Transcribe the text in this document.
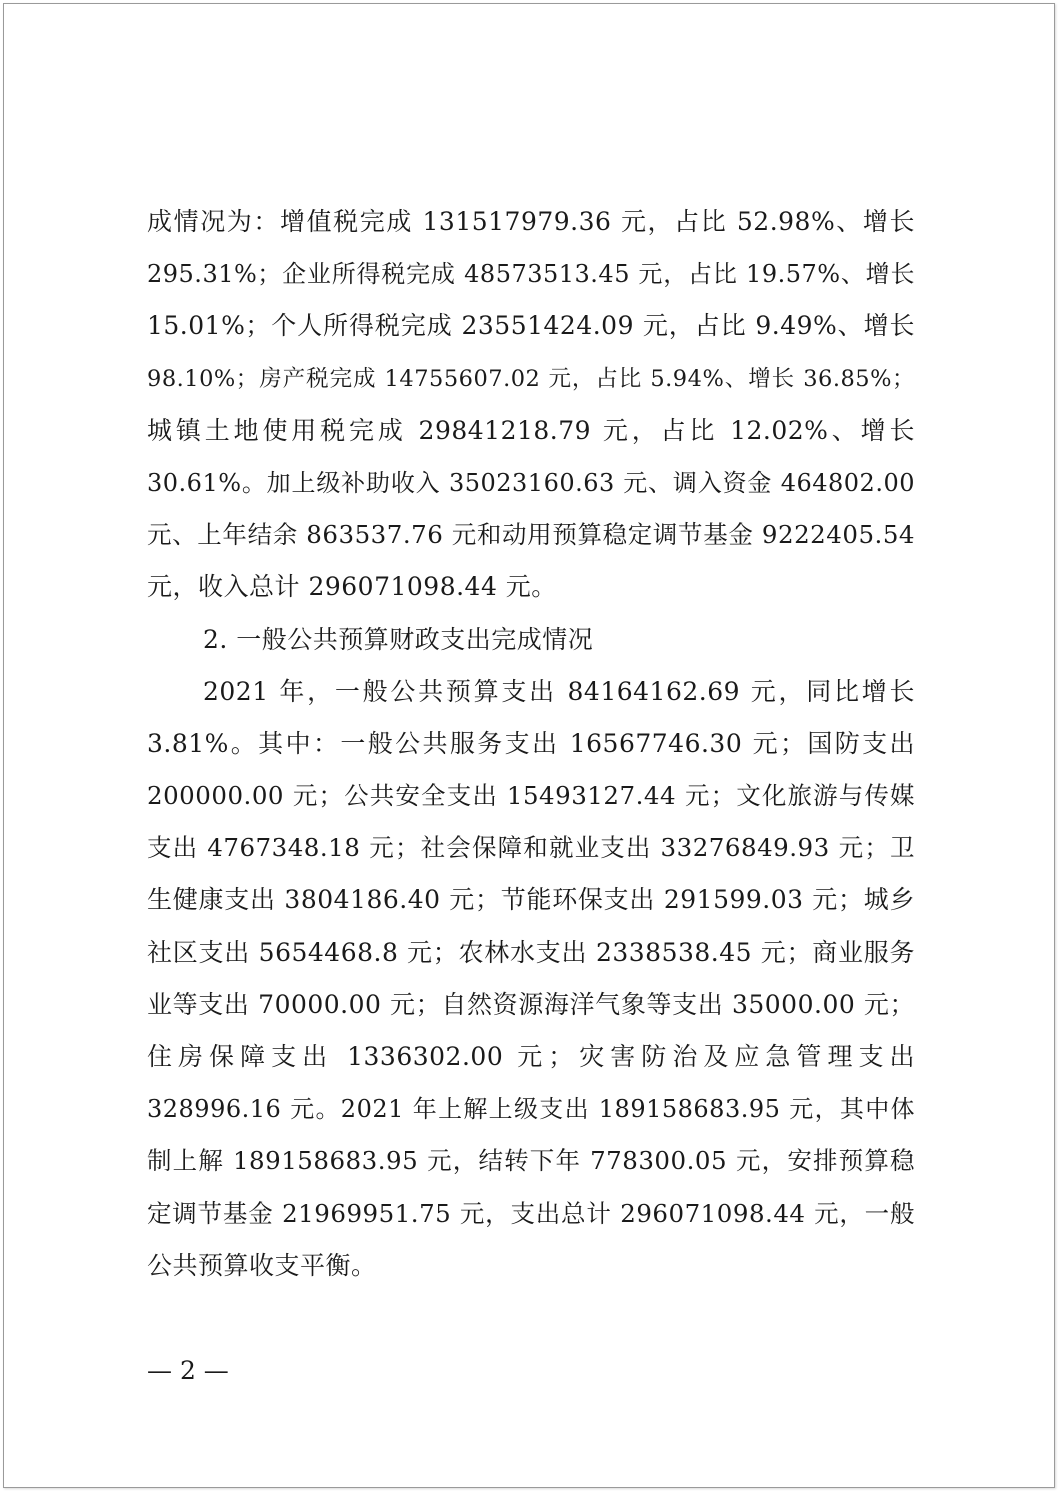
成情况为：增值税完成 131517979.36 元，占比 52.98%、增长
295.31%；企业所得税完成 48573513.45 元，占比 19.57%、增长
15.01%；个人所得税完成 23551424.09 元，占比 9.49%、增长
98.10%；房产税完成 14755607.02 元，占比 5.94%、增长 36.85%；
城镇土地使用税完成 29841218.79 元，占比 12.02%、增长
30.61%。加上级补助收入 35023160.63 元、调入资金 464802.00
元、上年结余 863537.76 元和动用预算稳定调节基金 9222405.54
元，收入总计 296071098.44 元。
2. 一般公共预算财政支出完成情况
2021 年，一般公共预算支出 84164162.69 元，同比增长
3.81%。其中：一般公共服务支出 16567746.30 元；国防支出
200000.00 元；公共安全支出 15493127.44 元；文化旅游与传媒
支出 4767348.18 元；社会保障和就业支出 33276849.93 元；卫
生健康支出 3804186.40 元；节能环保支出 291599.03 元；城乡
社区支出 5654468.8 元；农林水支出 2338538.45 元；商业服务
业等支出 70000.00 元；自然资源海洋气象等支出 35000.00 元；
住房保障支出 1336302.00 元；灾害防治及应急管理支出
328996.16 元。2021 年上解上级支出 189158683.95 元，其中体
制上解 189158683.95 元，结转下年 778300.05 元，安排预算稳
定调节基金 21969951.75 元，支出总计 296071098.44 元，一般
公共预算收支平衡。
— 2 —
